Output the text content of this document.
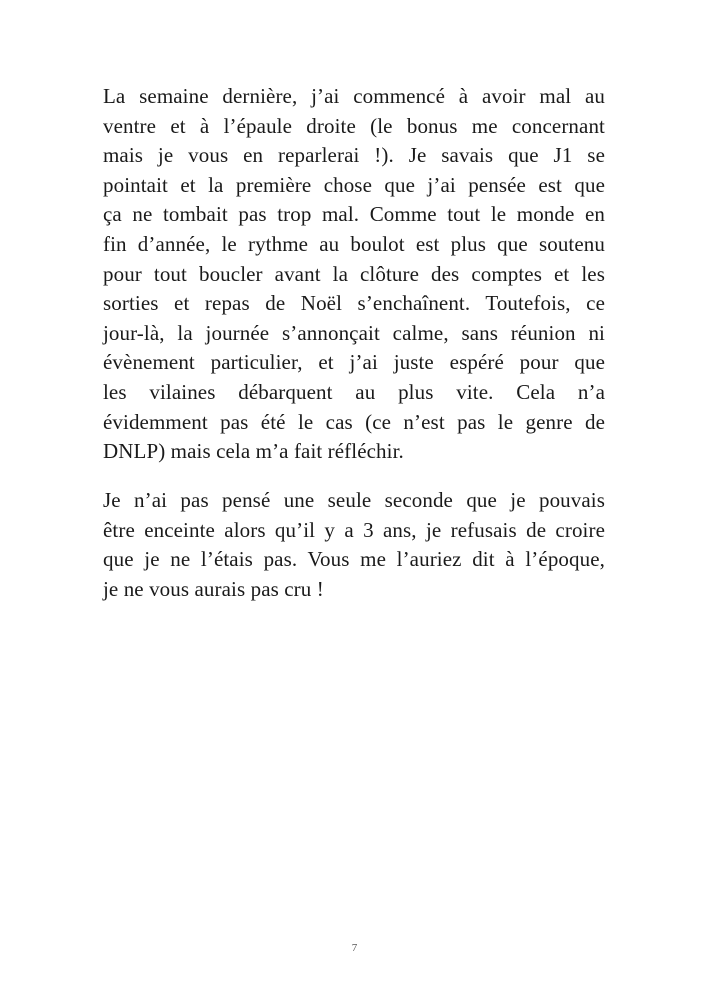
La semaine dernière, j’ai commencé à avoir mal au
ventre et à l’épaule droite (le bonus me concernant
mais je vous en reparlerai !). Je savais que J1 se
pointait et la première chose que j’ai pensée est que
ça ne tombait pas trop mal. Comme tout le monde en
fin d’année, le rythme au boulot est plus que soutenu
pour tout boucler avant la clôture des comptes et les
sorties et repas de Noël s’enchaînent. Toutefois, ce
jour-là, la journée s’annonçait calme, sans réunion ni
évènement particulier, et j’ai juste espéré pour que
les vilaines débarquent au plus vite. Cela n’a
évidemment pas été le cas (ce n’est pas le genre de
DNLP) mais cela m’a fait réfléchir.
Je n’ai pas pensé une seule seconde que je pouvais
être enceinte alors qu’il y a 3 ans, je refusais de croire
que je ne l’étais pas. Vous me l’auriez dit à l’époque,
je ne vous aurais pas cru !
7
